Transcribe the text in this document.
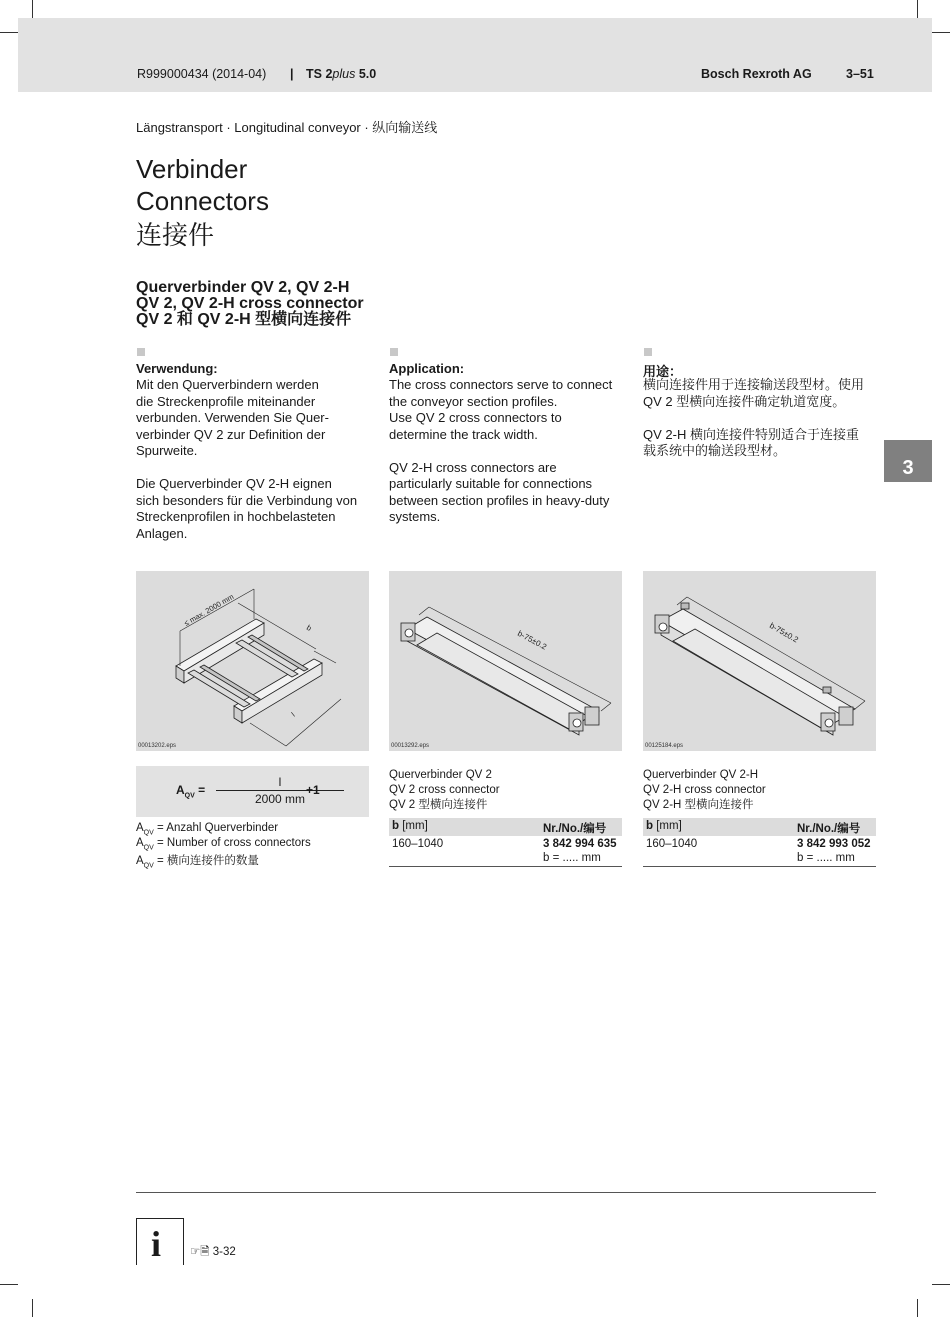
R999000434 (2014-04) | TS 2plus 5.0	Bosch Rexroth AG	3–51
Längstransport · Longitudinal conveyor · 纵向输送线
Verbinder
Connectors
连接件
Querverbinder QV 2, QV 2-H
QV 2, QV 2-H cross connector
QV 2 和 QV 2-H 型横向连接件
Verwendung:

Mit den Querverbindern werden
die Streckenprofile miteinander
verbunden. Verwenden Sie Quer-
verbinder QV 2 zur Definition der
Spurweite.

Die Querverbinder QV 2-H eignen
sich besonders für die Verbindung von
Streckenprofilen in hochbelasteten
Anlagen.

Application:

The cross connectors serve to connect
the conveyor section profiles.
Use QV 2 cross connectors to
determine the track width.

QV 2-H cross connectors are
particularly suitable for connections
between section profiles in heavy-duty
systems.

用途：

横向连接件用于连接输送段型材。使用
QV 2 型横向连接件确定轨道宽度。

QV 2-H 横向连接件特别适合于连接重
载系统中的输送段型材。

3
≤ max. 2000 mm
b
l
00013202.eps
b-75±0.2
00013292.eps
b-75±0.2
00125184.eps
$A_{QV}$ =
l
2000 mm
+1
$A_{QV}$ = Anzahl Querverbinder
$A_{QV}$ = Number of cross connectors
$A_{QV}$ = 横向连接件的数量
Querverbinder QV 2
QV 2 cross connector
QV 2 型横向连接件
b [mm]	Nr./No./编号
160–1040	3 842 994 635
b = ..... mm
Querverbinder QV 2-H
QV 2-H cross connector
QV 2-H 型横向连接件
b [mm]	Nr./No./编号
160–1040	3 842 993 052
b = ..... mm
i	☞🗎 3-32
